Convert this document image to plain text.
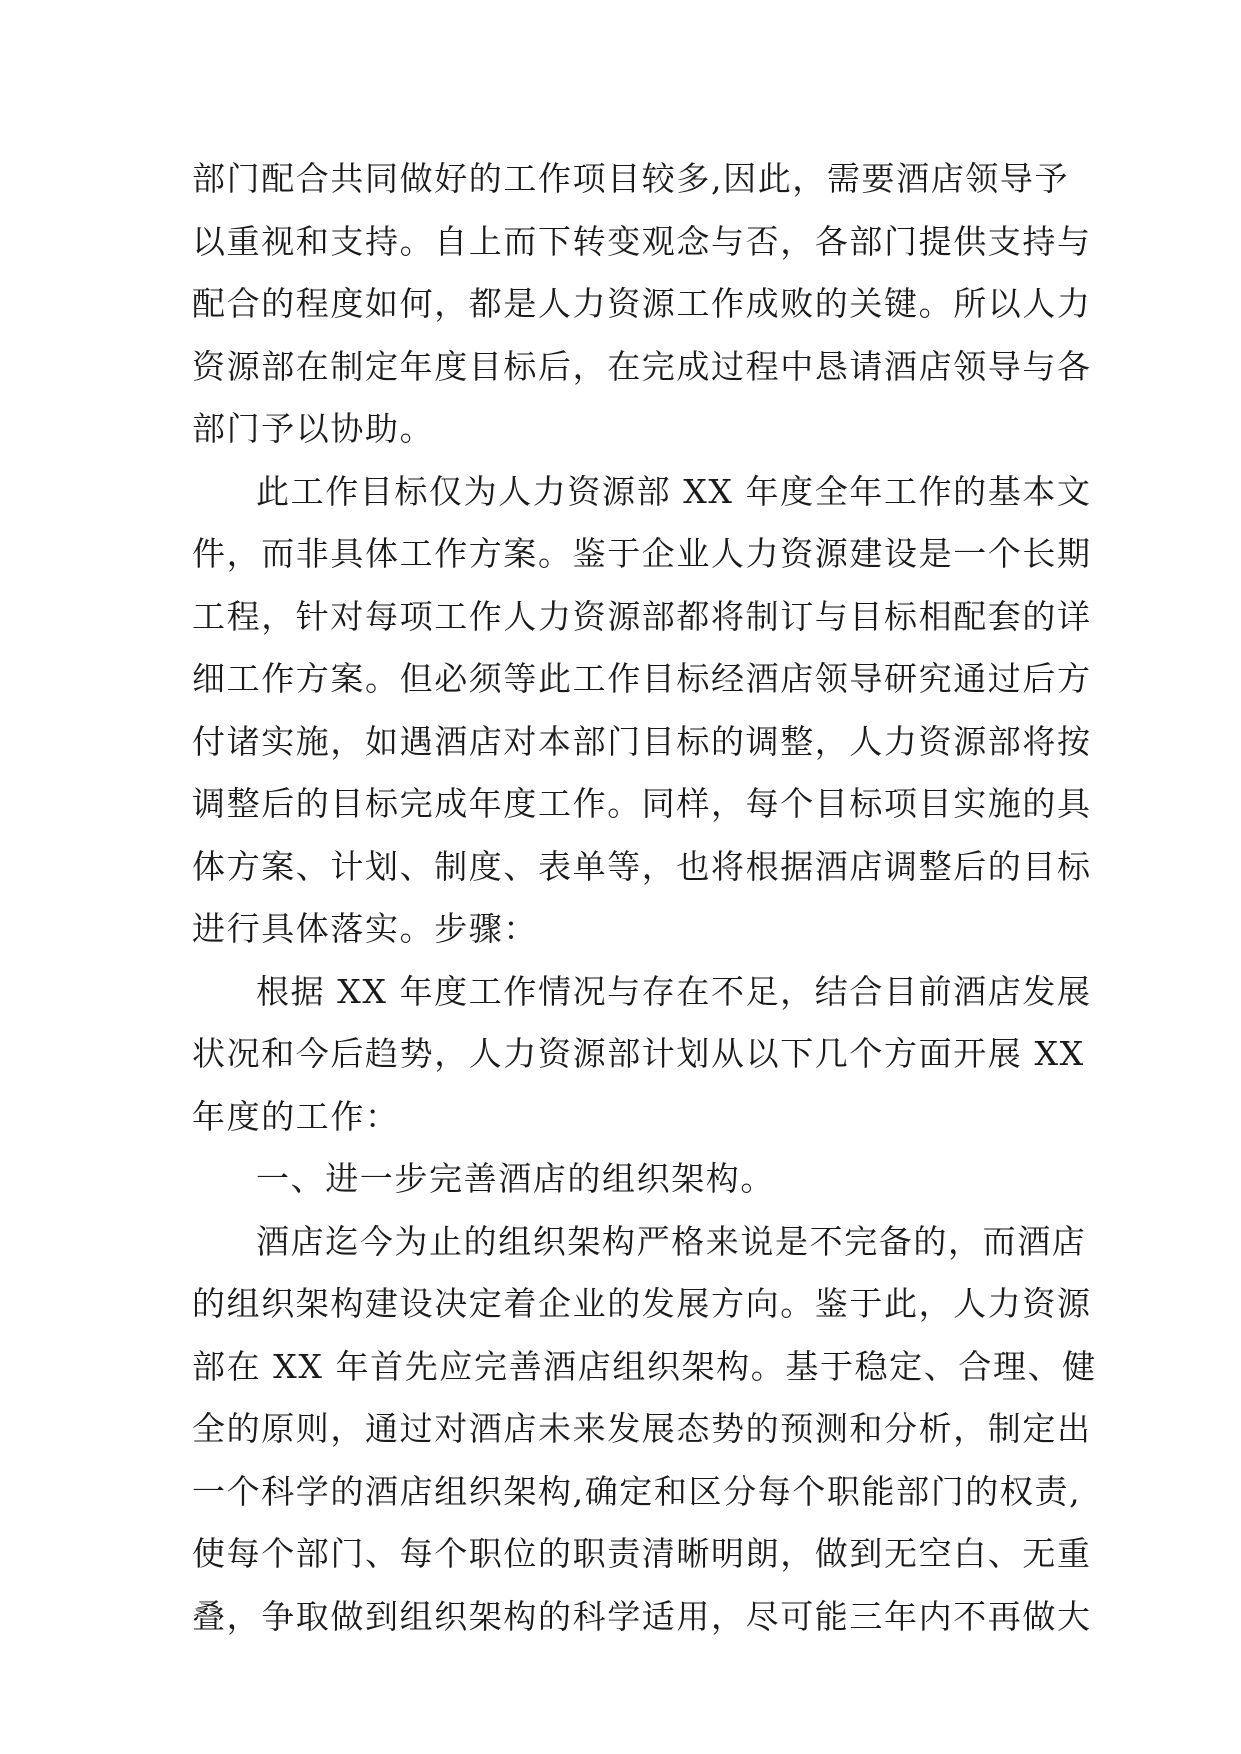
部门配合共同做好的工作项目较多,因此，需要酒店领导予
以重视和支持。自上而下转变观念与否，各部门提供支持与
配合的程度如何，都是人力资源工作成败的关键。所以人力
资源部在制定年度目标后，在完成过程中恳请酒店领导与各
部门予以协助。
此工作目标仅为人力资源部 XX 年度全年工作的基本文
件，而非具体工作方案。鉴于企业人力资源建设是一个长期
工程，针对每项工作人力资源部都将制订与目标相配套的详
细工作方案。但必须等此工作目标经酒店领导研究通过后方
付诸实施，如遇酒店对本部门目标的调整，人力资源部将按
调整后的目标完成年度工作。同样，每个目标项目实施的具
体方案、计划、制度、表单等，也将根据酒店调整后的目标
进行具体落实。步骤：
根据 XX 年度工作情况与存在不足，结合目前酒店发展
状况和今后趋势，人力资源部计划从以下几个方面开展 XX
年度的工作：
一、进一步完善酒店的组织架构。
酒店迄今为止的组织架构严格来说是不完备的，而酒店
的组织架构建设决定着企业的发展方向。鉴于此，人力资源
部在 XX 年首先应完善酒店组织架构。基于稳定、合理、健
全的原则，通过对酒店未来发展态势的预测和分析，制定出
一个科学的酒店组织架构,确定和区分每个职能部门的权责,
使每个部门、每个职位的职责清晰明朗，做到无空白、无重
叠，争取做到组织架构的科学适用，尽可能三年内不再做大
